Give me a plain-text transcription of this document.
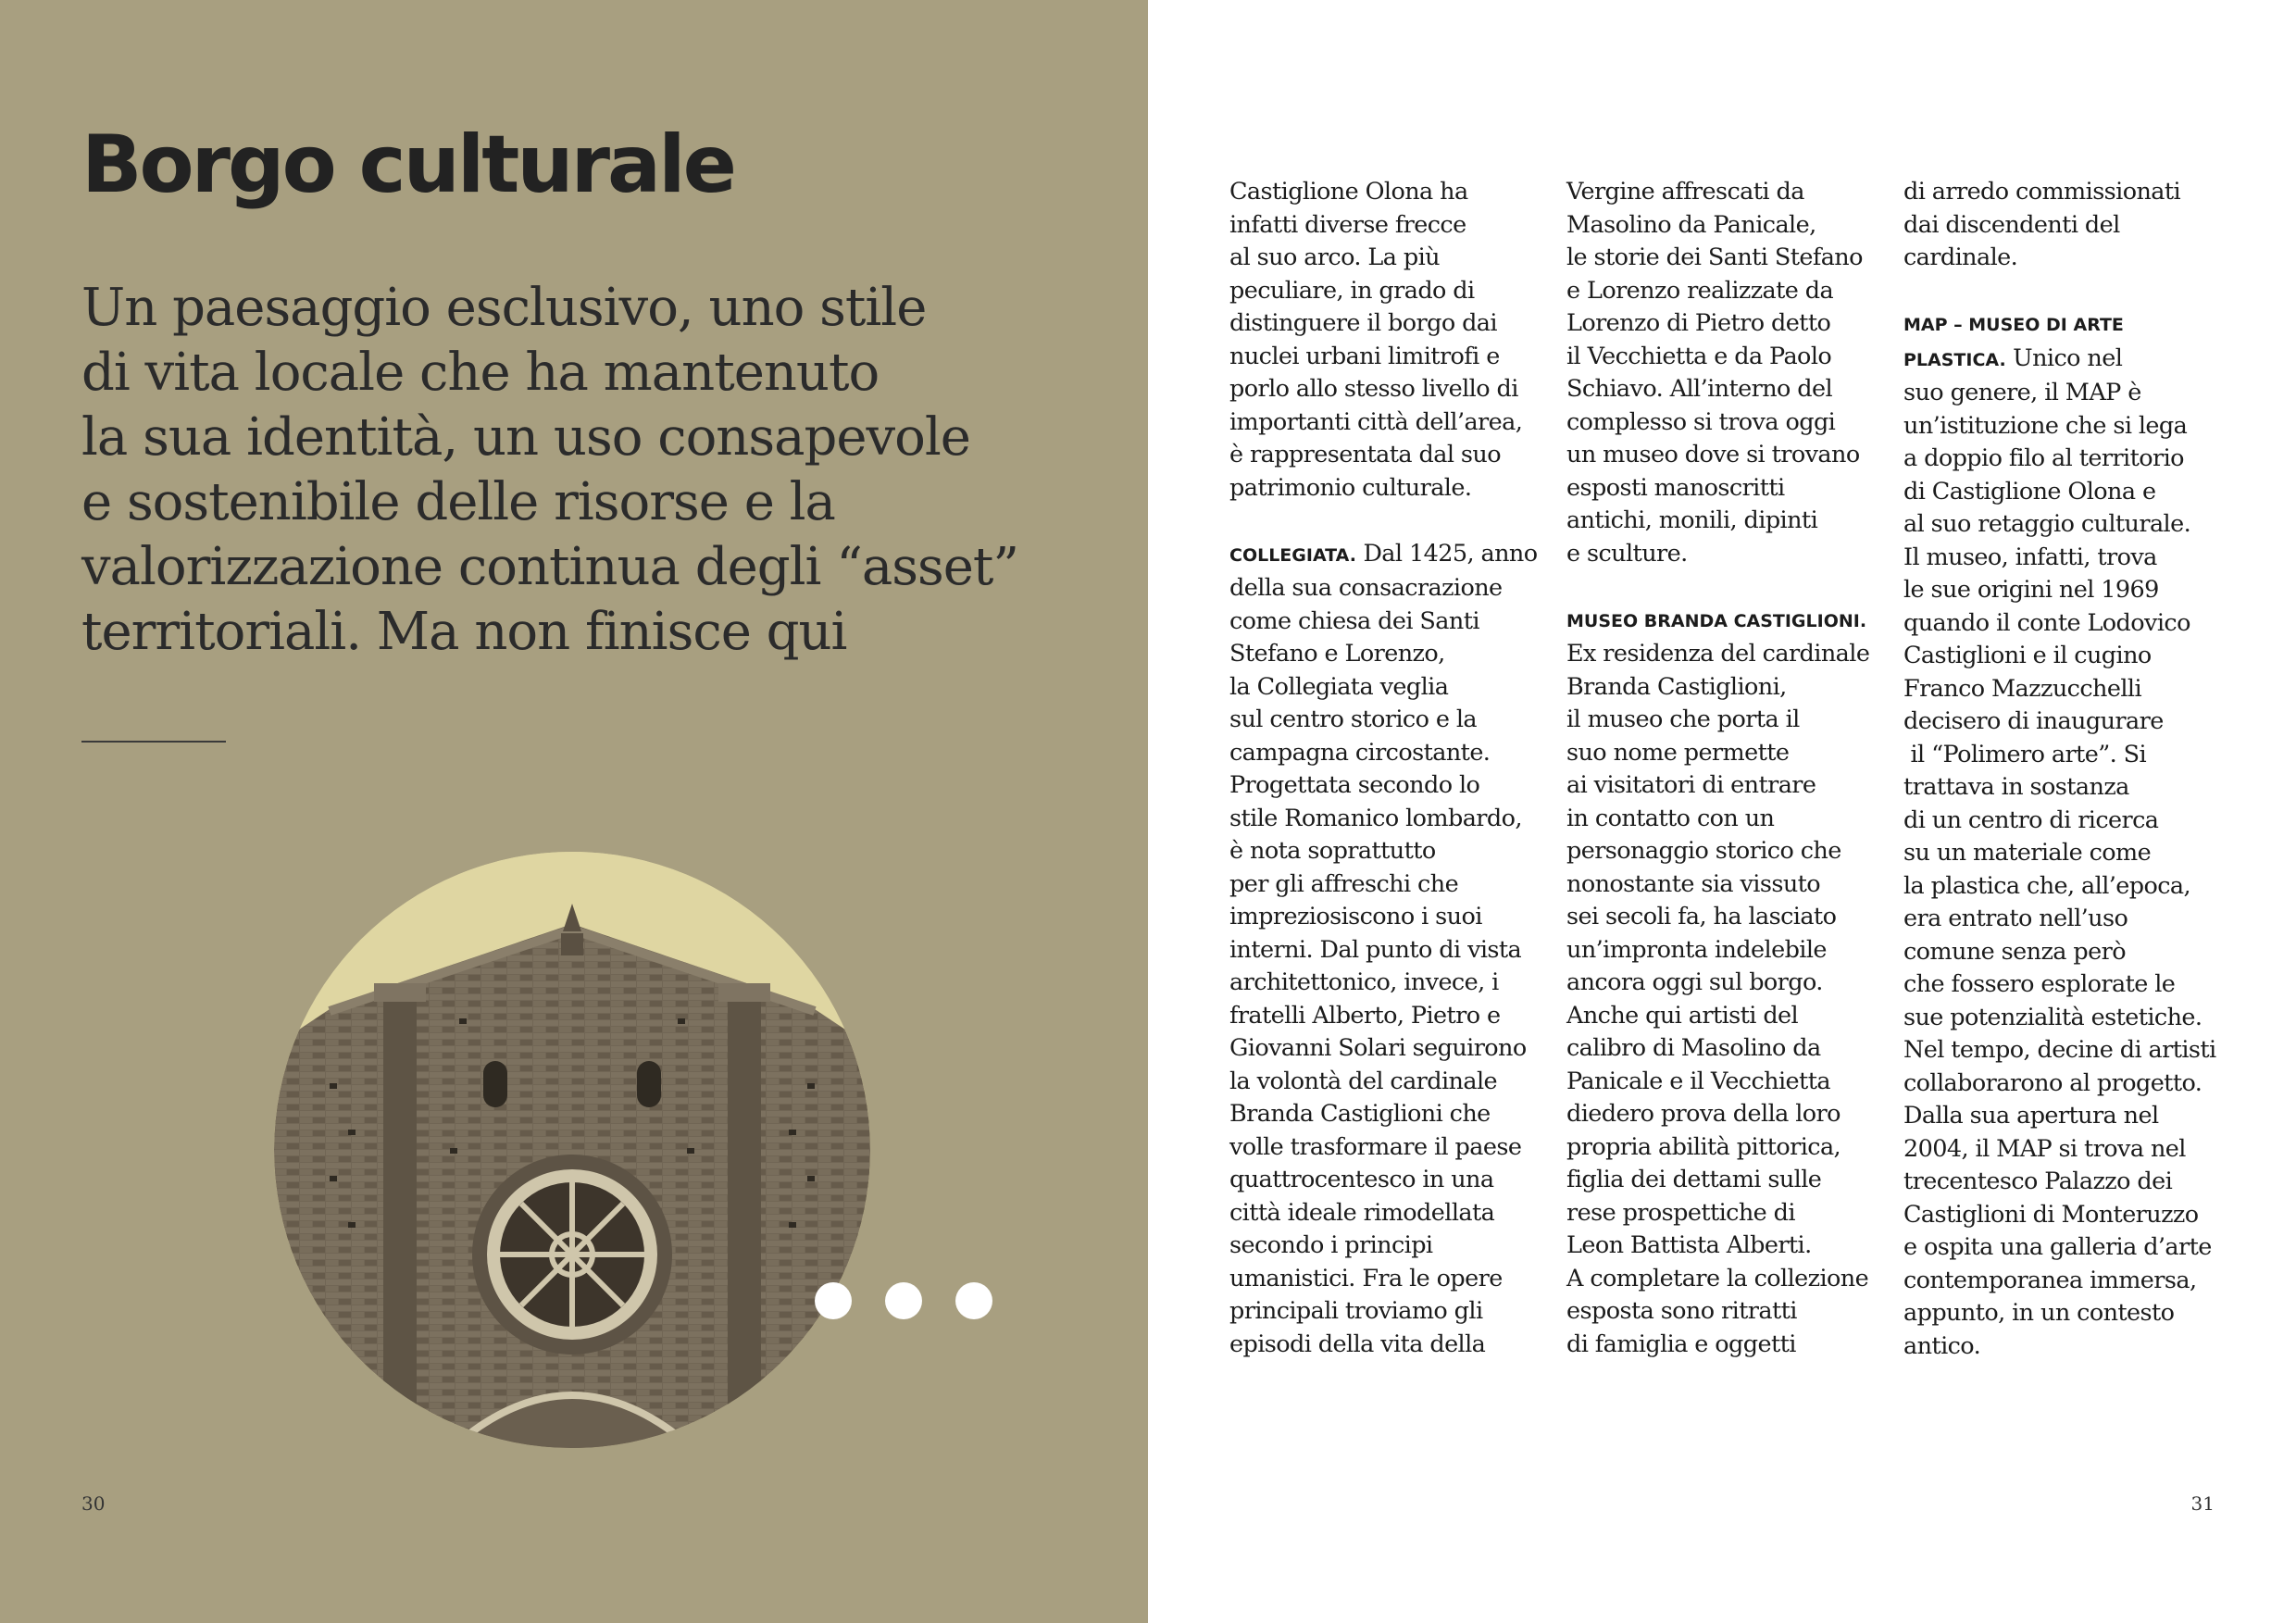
Borgo culturale
Un paesaggio esclusivo, uno stile
di vita locale che ha mantenuto
la sua identità, un uso consapevole
e sostenibile delle risorse e la
valorizzazione continua degli “asset”
territoriali. Ma non finisce qui

30

Castiglione Olona ha
infatti diverse frecce
al suo arco. La più
peculiare, in grado di
distinguere il borgo dai
nuclei urbani limitrofi e
porlo allo stesso livello di
importanti città dell’area,
è rappresentata dal suo
patrimonio culturale.
COLLEGIATA. Dal 1425, anno
della sua consacrazione
come chiesa dei Santi
Stefano e Lorenzo,
la Collegiata veglia
sul centro storico e la
campagna circostante.
Progettata secondo lo
stile Romanico lombardo,
è nota soprattutto
per gli affreschi che
impreziosiscono i suoi
interni. Dal punto di vista
architettonico, invece, i
fratelli Alberto, Pietro e
Giovanni Solari seguirono
la volontà del cardinale
Branda Castiglioni che
volle trasformare il paese
quattrocentesco in una
città ideale rimodellata
secondo i principi
umanistici. Fra le opere
principali troviamo gli
episodi della vita della
Vergine affrescati da
Masolino da Panicale,
le storie dei Santi Stefano
e Lorenzo realizzate da
Lorenzo di Pietro detto
il Vecchietta e da Paolo
Schiavo. All’interno del
complesso si trova oggi
un museo dove si trovano
esposti manoscritti
antichi, monili, dipinti
e sculture.
MUSEO BRANDA CASTIGLIONI.
Ex residenza del cardinale
Branda Castiglioni,
il museo che porta il
suo nome permette
ai visitatori di entrare
in contatto con un
personaggio storico che
nonostante sia vissuto
sei secoli fa, ha lasciato
un’impronta indelebile
ancora oggi sul borgo.
Anche qui artisti del
calibro di Masolino da
Panicale e il Vecchietta
diedero prova della loro
propria abilità pittorica,
figlia dei dettami sulle
rese prospettiche di
Leon Battista Alberti.
A completare la collezione
esposta sono ritratti
di famiglia e oggetti
di arredo commissionati
dai discendenti del
cardinale.
MAP – MUSEO DI ARTE
PLASTICA. Unico nel
suo genere, il MAP è
un’istituzione che si lega
a doppio filo al territorio
di Castiglione Olona e
al suo retaggio culturale.
Il museo, infatti, trova
le sue origini nel 1969
quando il conte Lodovico
Castiglioni e il cugino
Franco Mazzucchelli
decisero di inaugurare
il “Polimero arte”. Si
trattava in sostanza
di un centro di ricerca
su un materiale come
la plastica che, all’epoca,
era entrato nell’uso
comune senza però
che fossero esplorate le
sue potenzialità estetiche.
Nel tempo, decine di artisti
collaborarono al progetto.
Dalla sua apertura nel
2004, il MAP si trova nel
trecentesco Palazzo dei
Castiglioni di Monteruzzo
e ospita una galleria d’arte
contemporanea immersa,
appunto, in un contesto
antico.

31
